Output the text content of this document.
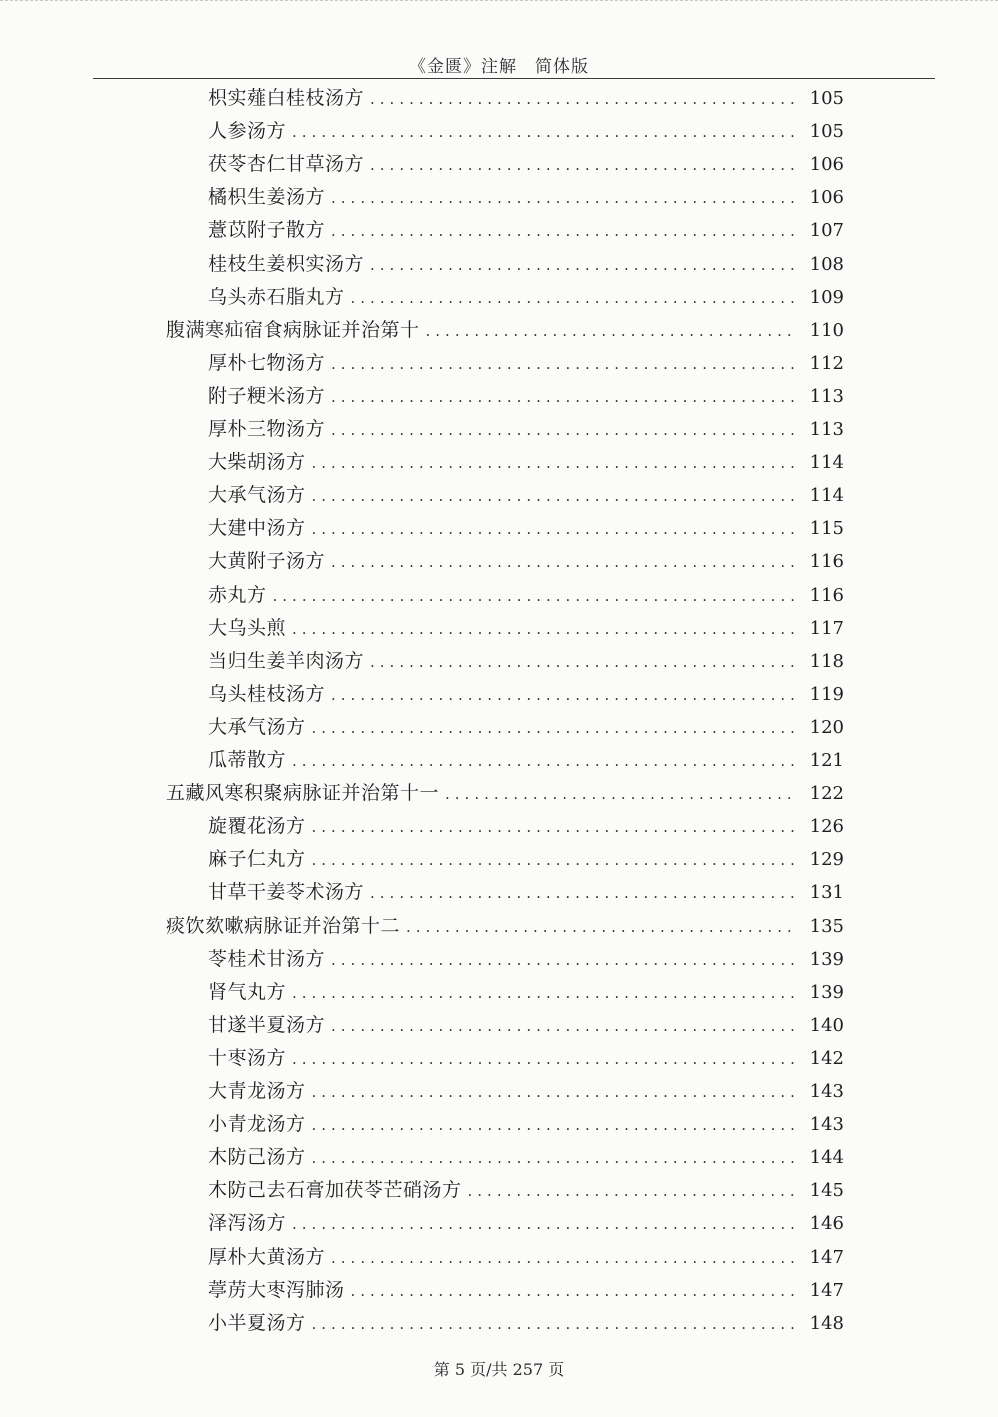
《金匮》注解　简体版
枳实薤白桂枝汤方 .....	105
人参汤方 .....	105
茯苓杏仁甘草汤方 .....	106
橘枳生姜汤方 .....	106
薏苡附子散方 .....	107
桂枝生姜枳实汤方 .....	108
乌头赤石脂丸方 .....	109
腹满寒疝宿食病脉证并治第十 .....	110
厚朴七物汤方 .....	112
附子粳米汤方 .....	113
厚朴三物汤方 .....	113
大柴胡汤方 .....	114
大承气汤方 .....	114
大建中汤方 .....	115
大黄附子汤方 .....	116
赤丸方 .....	116
大乌头煎 .....	117
当归生姜羊肉汤方 .....	118
乌头桂枝汤方 .....	119
大承气汤方 .....	120
瓜蒂散方 .....	121
五藏风寒积聚病脉证并治第十一 .....	122
旋覆花汤方 .....	126
麻子仁丸方 .....	129
甘草干姜苓术汤方 .....	131
痰饮欬嗽病脉证并治第十二 .....	135
苓桂术甘汤方 .....	139
肾气丸方 .....	139
甘遂半夏汤方 .....	140
十枣汤方 .....	142
大青龙汤方 .....	143
小青龙汤方 .....	143
木防己汤方 .....	144
木防己去石膏加茯苓芒硝汤方 .....	145
泽泻汤方 .....	146
厚朴大黄汤方 .....	147
葶苈大枣泻肺汤 .....	147
小半夏汤方 .....	148
第 5 页/共 257 页
